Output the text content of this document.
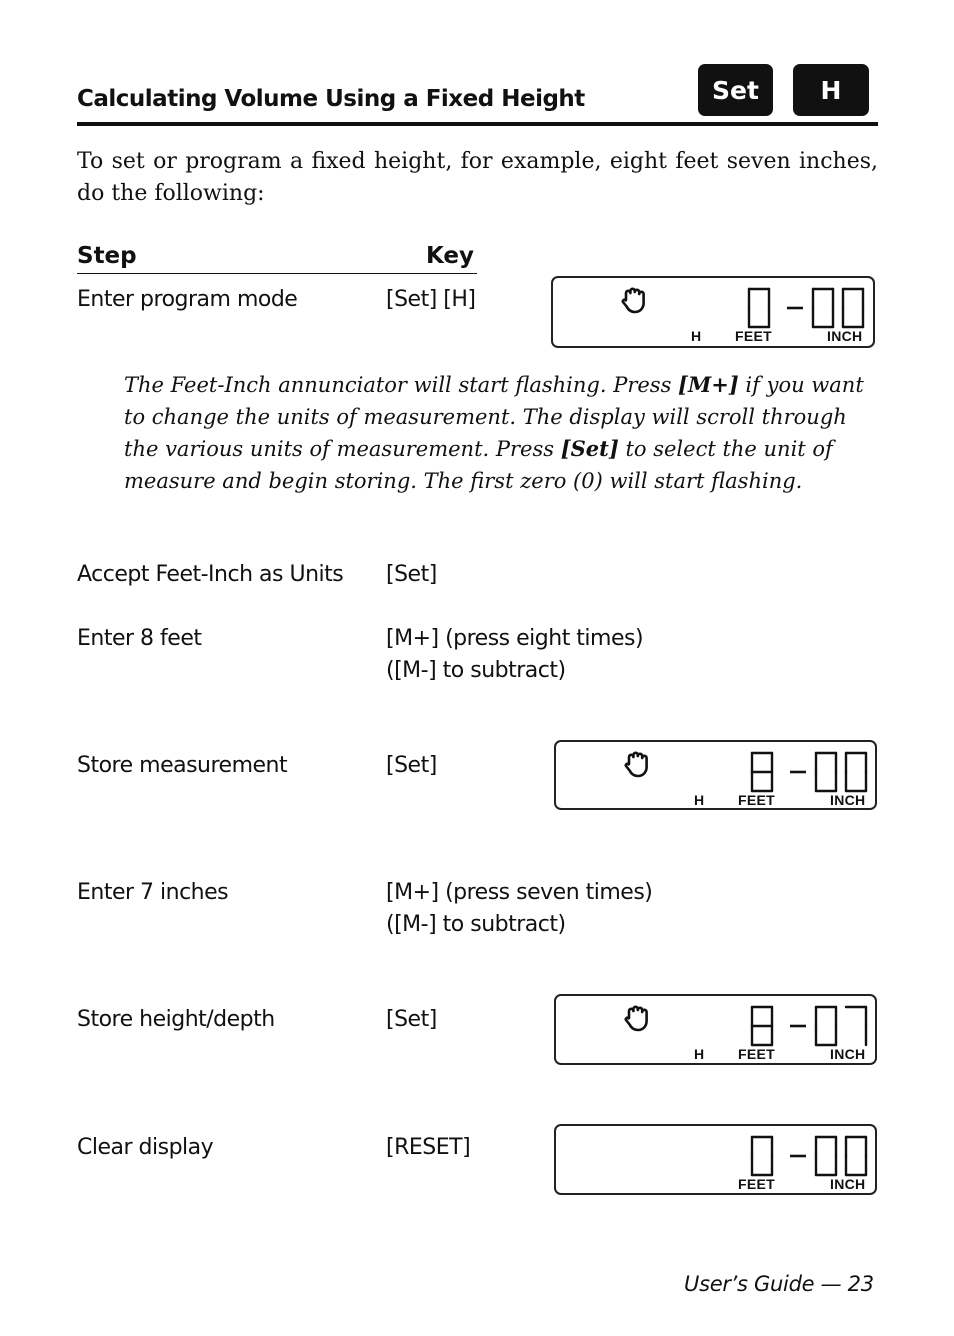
Calculating Volume Using a Fixed Height	Set H
To set or program a fixed height, for example, eight feet seven inches, do the following:
Step	Key
Enter program mode	[Set] [H]
The Feet-Inch annunciator will start flashing. Press [M+] if you want to change the units of measurement. The display will scroll through the various units of measurement. Press [Set] to select the unit of measure and begin storing. The first zero (0) will start flashing.
Accept Feet-Inch as Units [Set]
Enter 8 feet	[M+] (press eight times)
([M-] to subtract)
Store measurement	[Set]
Enter 7 inches	[M+] (press seven times)
([M-] to subtract)
Store height/depth	[Set]
Clear display	[RESET]
H FEET	INCH
H FEET	INCH
H FEET	INCH
FEET	INCH
User’s Guide — 23
